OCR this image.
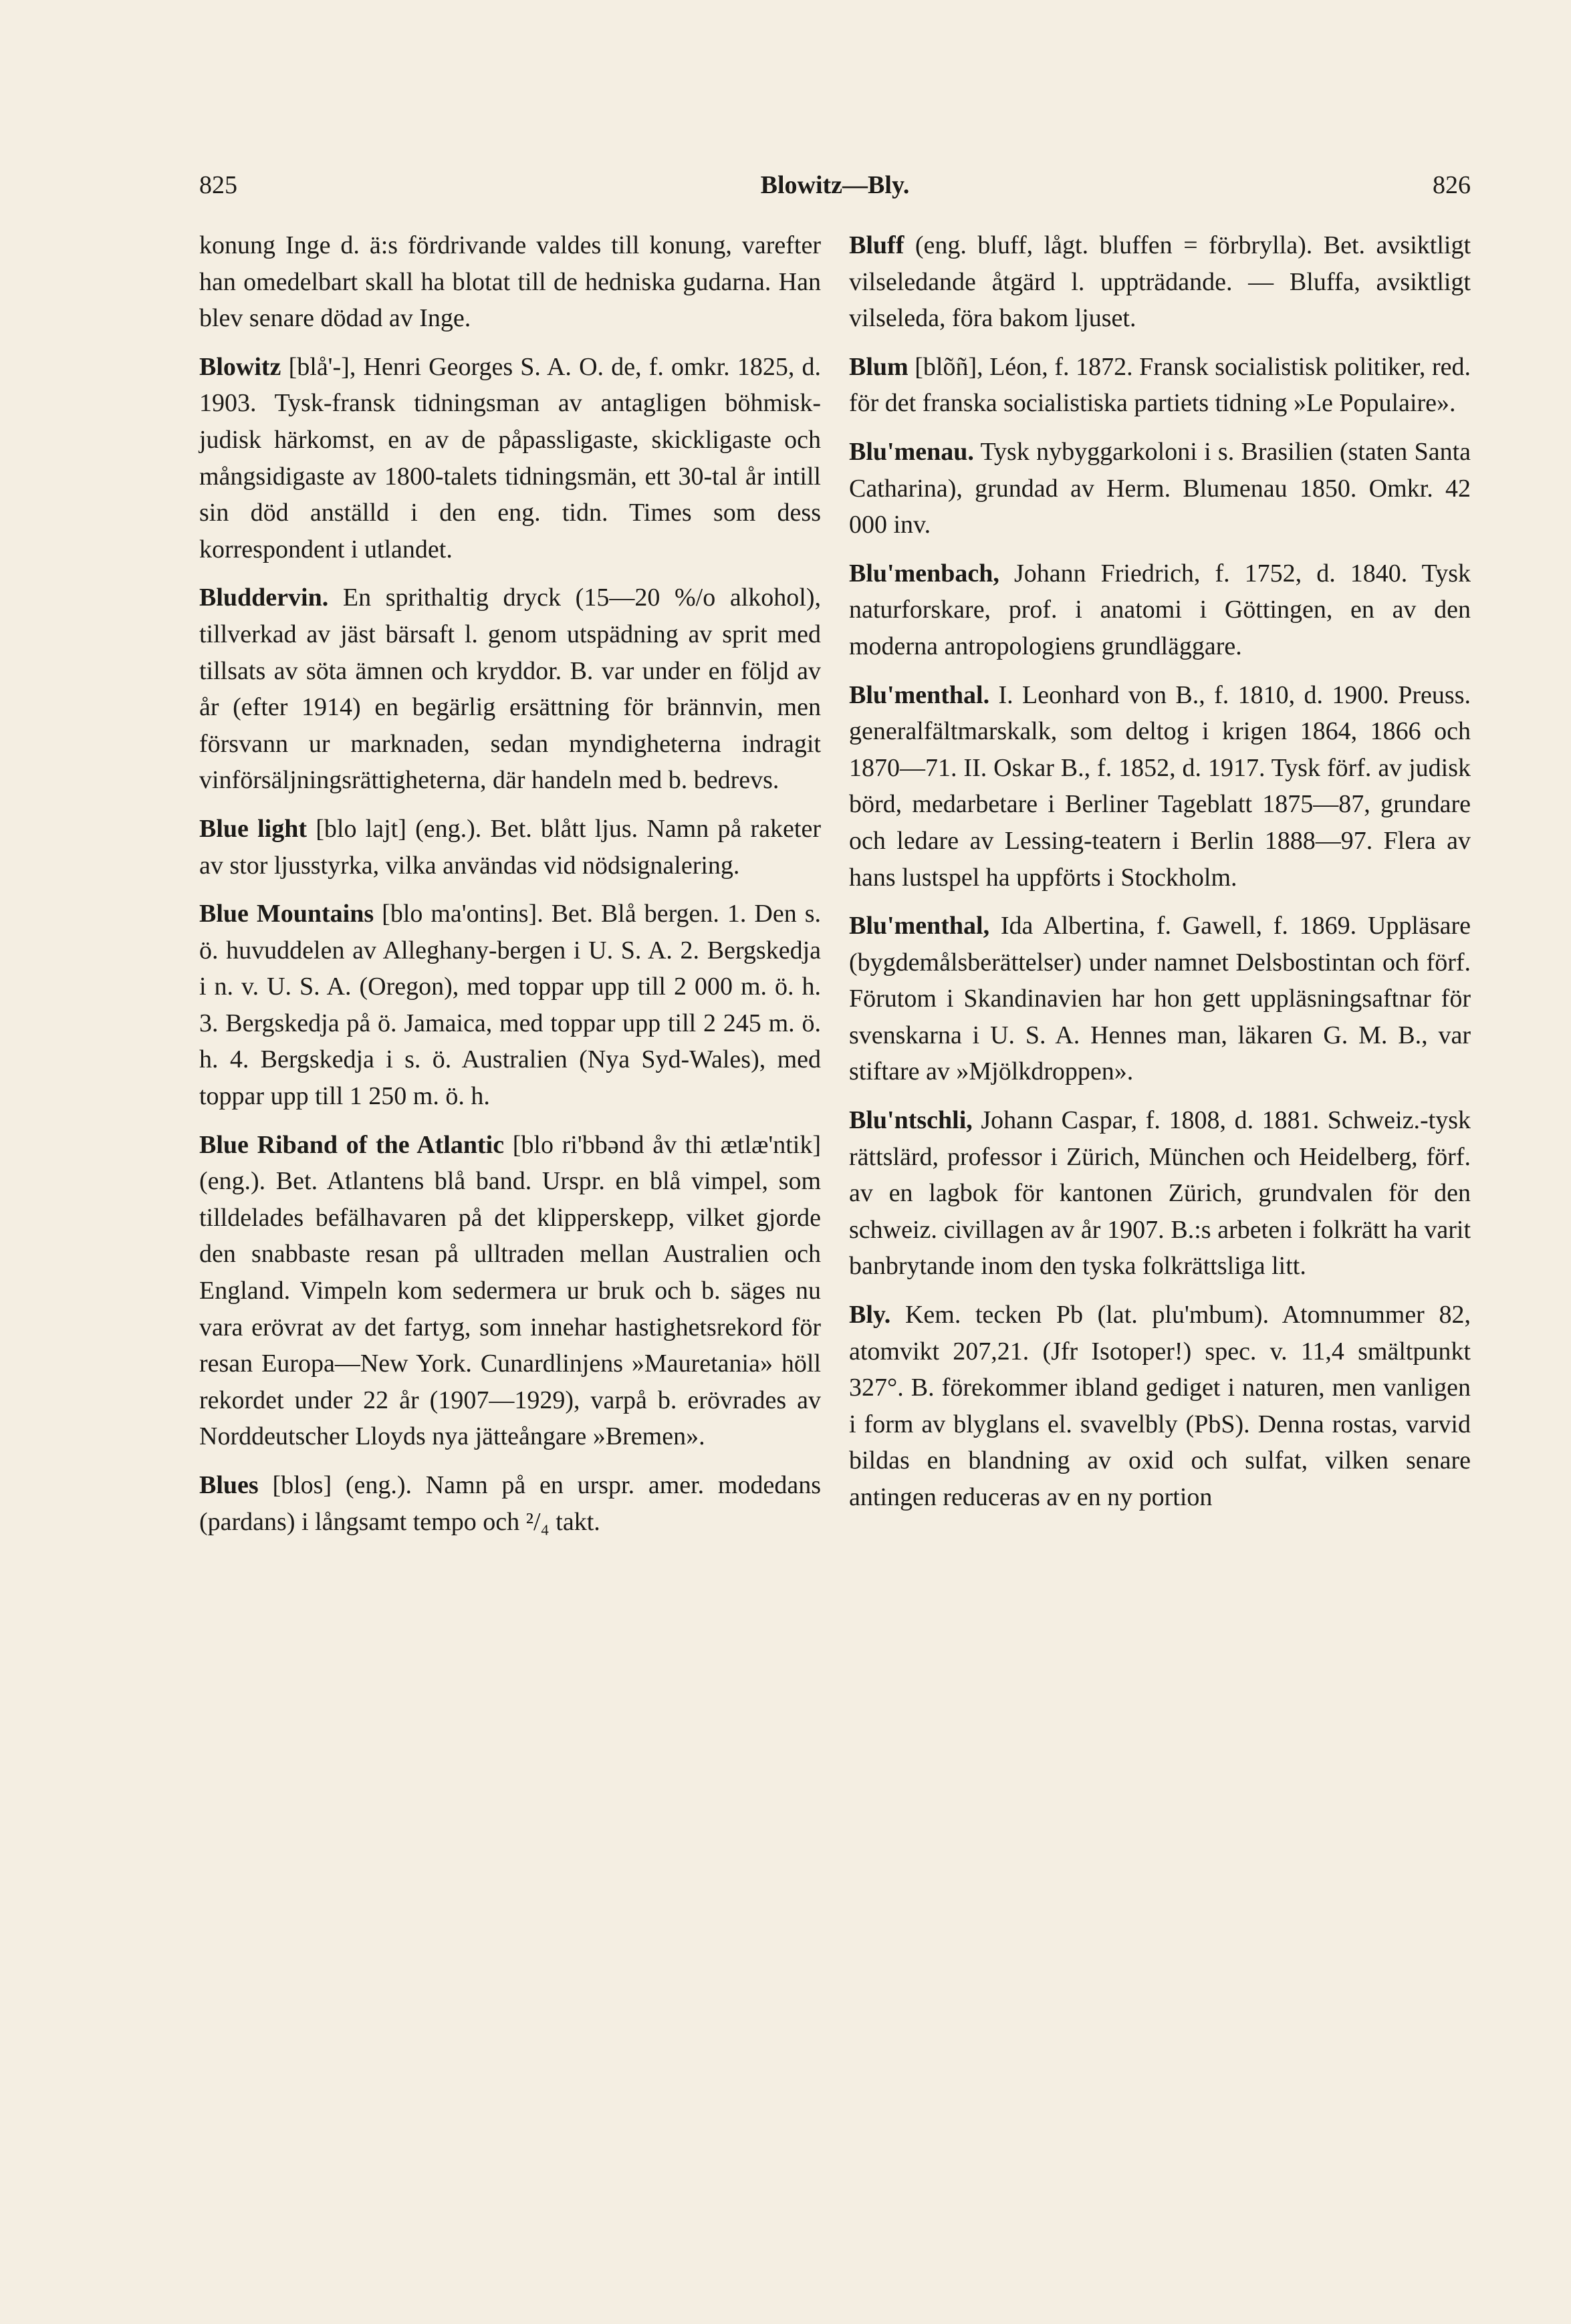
825	Blowitz—Bly.	826

konung Inge d. ä:s fördrivande valdes till konung, varefter han omedelbart skall ha blotat till de hedniska gudarna. Han blev senare dödad av Inge.

Blowitz [blå'-], Henri Georges S. A. O. de, f. omkr. 1825, d. 1903. Tysk-fransk tidningsman av antagligen böhmisk-judisk härkomst, en av de påpassligaste, skickligaste och mångsidigaste av 1800-talets tidningsmän, ett 30-tal år intill sin död anställd i den eng. tidn. Times som dess korrespondent i utlandet.

Bluddervin. En sprithaltig dryck (15—20 %/o alkohol), tillverkad av jäst bärsaft l. genom utspädning av sprit med tillsats av söta ämnen och kryddor. B. var under en följd av år (efter 1914) en begärlig ersättning för brännvin, men försvann ur marknaden, sedan myndigheterna indragit vinförsäljningsrättigheterna, där handeln med b. bedrevs.

Blue light [blo lajt] (eng.). Bet. blått ljus. Namn på raketer av stor ljusstyrka, vilka användas vid nödsignalering.

Blue Mountains [blo ma'ontins]. Bet. Blå bergen. 1. Den s. ö. huvuddelen av Alleghany-bergen i U. S. A. 2. Bergskedja i n. v. U. S. A. (Oregon), med toppar upp till 2 000 m. ö. h. 3. Bergskedja på ö. Jamaica, med toppar upp till 2 245 m. ö. h. 4. Bergskedja i s. ö. Australien (Nya Syd-Wales), med toppar upp till 1 250 m. ö. h.

Blue Riband of the Atlantic [blo ri'bbənd åv thi ætlæ'ntik] (eng.). Bet. Atlantens blå band. Urspr. en blå vimpel, som tilldelades befälhavaren på det klipperskepp, vilket gjorde den snabbaste resan på ulltraden mellan Australien och England. Vimpeln kom sedermera ur bruk och b. säges nu vara erövrat av det fartyg, som innehar hastighetsrekord för resan Europa—New York. Cunardlinjens »Mauretania» höll rekordet under 22 år (1907—1929), varpå b. erövrades av Norddeutscher Lloyds nya jätteångare »Bremen».

Blues [blos] (eng.). Namn på en urspr. amer. modedans (pardans) i långsamt tempo och ²/₄ takt.

Bluff (eng. bluff, lågt. bluffen = förbrylla). Bet. avsiktligt vilseledande åtgärd l. uppträdande. — Bluffa, avsiktligt vilseleda, föra bakom ljuset.

Blum [blõñ], Léon, f. 1872. Fransk socialistisk politiker, red. för det franska socialistiska partiets tidning »Le Populaire».

Blu'menau. Tysk nybyggarkoloni i s. Brasilien (staten Santa Catharina), grundad av Herm. Blumenau 1850. Omkr. 42 000 inv.

Blu'menbach, Johann Friedrich, f. 1752, d. 1840. Tysk naturforskare, prof. i anatomi i Göttingen, en av den moderna antropologiens grundläggare.

Blu'menthal. I. Leonhard von B., f. 1810, d. 1900. Preuss. generalfältmarskalk, som deltog i krigen 1864, 1866 och 1870—71. II. Oskar B., f. 1852, d. 1917. Tysk förf. av judisk börd, medarbetare i Berliner Tageblatt 1875—87, grundare och ledare av Lessing-teatern i Berlin 1888—97. Flera av hans lustspel ha uppförts i Stockholm.

Blu'menthal, Ida Albertina, f. Gawell, f. 1869. Uppläsare (bygdemålsberättelser) under namnet Delsbostintan och förf. Förutom i Skandinavien har hon gett uppläsningsaftnar för svenskarna i U. S. A. Hennes man, läkaren G. M. B., var stiftare av »Mjölkdroppen».

Blu'ntschli, Johann Caspar, f. 1808, d. 1881. Schweiz.-tysk rättslärd, professor i Zürich, München och Heidelberg, förf. av en lagbok för kantonen Zürich, grundvalen för den schweiz. civillagen av år 1907. B.:s arbeten i folkrätt ha varit banbrytande inom den tyska folkrättsliga litt.

Bly. Kem. tecken Pb (lat. plu'mbum). Atomnummer 82, atomvikt 207,21. (Jfr Isotoper!) spec. v. 11,4 smältpunkt 327°. B. förekommer ibland gediget i naturen, men vanligen i form av blyglans el. svavelbly (PbS). Denna rostas, varvid bildas en blandning av oxid och sulfat, vilken senare antingen reduceras av en ny portion
